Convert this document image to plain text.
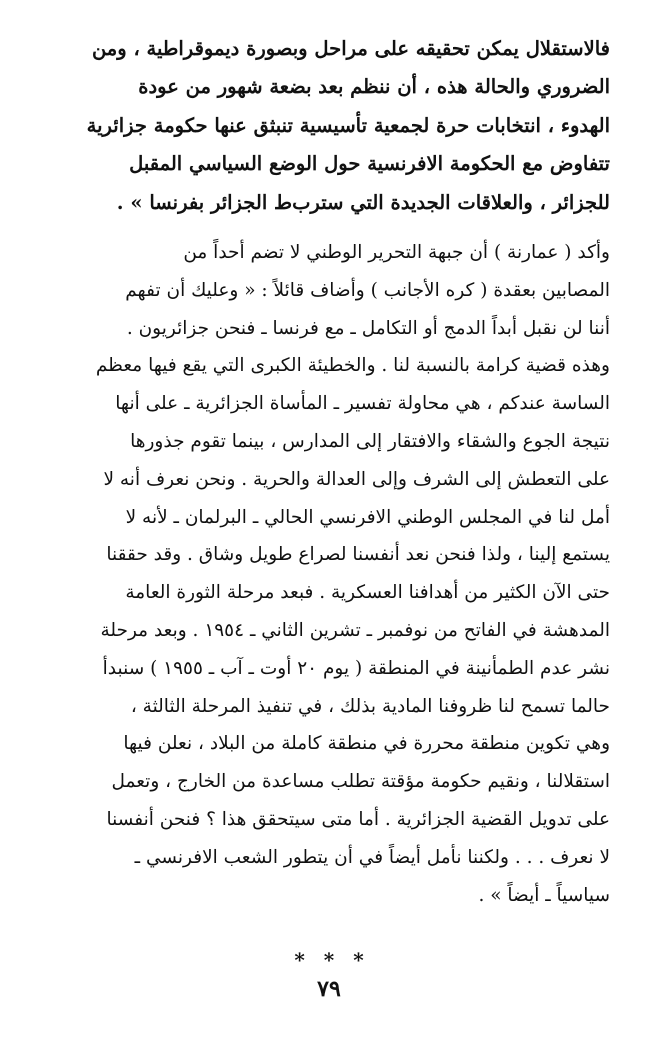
فالاستقلال يمكن تحقيقه على مراحل وبصورة ديموقراطية ، ومن
الضروري والحالة هذه ، أن ننظم بعد بضعة شهور من عودة
الهدوء ، انتخابات حرة لجمعية تأسيسية تنبثق عنها حكومة جزائرية
تتفاوض مع الحكومة الافرنسية حول الوضع السياسي المقبل
للجزائر ، والعلاقات الجديدة التي سترب‌ط الجزائر بفرنسا » .
وأكد ( عمارنة ) أن جبهة التحرير الوطني لا تضم أحداً من
المصابين بعقدة ( كره الأجانب ) وأضاف قائلاً : « وعليك أن تفهم
أننا لن نقبل أبداً الدمج أو التكامل ـ مع فرنسا ـ فنحن جزائريون .
وهذه قضية كرامة بالنسبة لنا . والخطيئة الكبرى التي يقع فيها معظم
الساسة عندكم ، هي محاولة تفسير ـ المأساة الجزائرية ـ على أنها
نتيجة الجوع والشقاء والافتقار إلى المدارس ، بينما تقوم جذورها
على التعطش إلى الشرف وإلى العدالة والحرية . ونحن نعرف أنه لا
أمل لنا في المجلس الوطني الافرنسي الحالي ـ البرلمان ـ لأنه لا
يستمع إلينا ، ولذا فنحن نعد أنفسنا لصراع طويل وشاق . وقد حققنا
حتى الآن الكثير من أهدافنا العسكرية . فبعد مرحلة الثورة العامة
المدهشة في الفاتح من نوفمبر ـ تشرين الثاني ـ ١٩٥٤ . وبعد مرحلة
نشر عدم الطمأنينة في المنطقة ( يوم ٢٠ أوت ـ آب ـ ١٩٥٥ ) سنبدأ
حالما تسمح لنا ظروفنا المادية بذلك ، في تنفيذ المرحلة الثالثة ،
وهي تكوين منطقة محررة في منطقة كاملة من البلاد ، نعلن فيها
استقلالنا ، ونقيم حكومة مؤقتة تطلب مساعدة من الخارج ، وتعمل
على تدويل القضية الجزائرية . أما متى سيتحقق هذا ؟ فنحن أنفسنا
لا نعرف . . . ولكننا نأمل أيضاً في أن يتطور الشعب الافرنسي ـ
سياسياً ـ أيضاً » .
* * *
٧٩
